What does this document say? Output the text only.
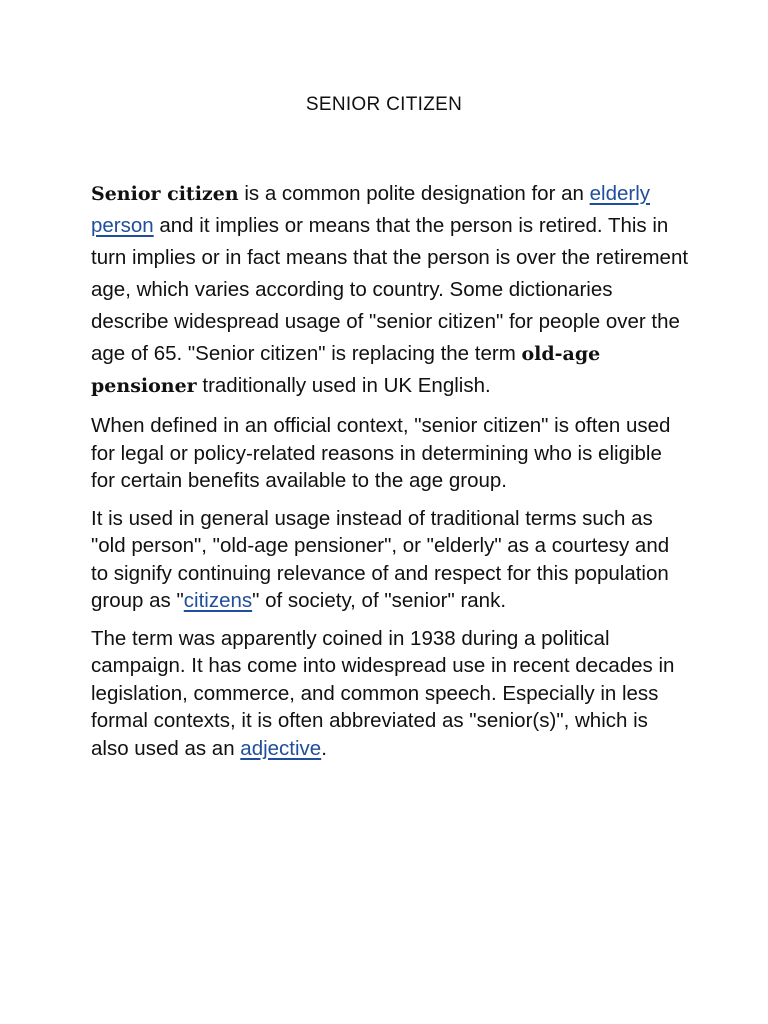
SENIOR CITIZEN

Senior citizen is a common polite designation for an elderly person and it implies or means that the person is retired. This in turn implies or in fact means that the person is over the retirement age, which varies according to country. Some dictionaries describe widespread usage of "senior citizen" for people over the age of 65. "Senior citizen" is replacing the term old-age pensioner traditionally used in UK English.

When defined in an official context, "senior citizen" is often used for legal or policy-related reasons in determining who is eligible for certain benefits available to the age group.

It is used in general usage instead of traditional terms such as "old person", "old-age pensioner", or "elderly" as a courtesy and to signify continuing relevance of and respect for this population group as "citizens" of society, of "senior" rank.

The term was apparently coined in 1938 during a political campaign. It has come into widespread use in recent decades in legislation, commerce, and common speech. Especially in less formal contexts, it is often abbreviated as "senior(s)", which is also used as an adjective.
